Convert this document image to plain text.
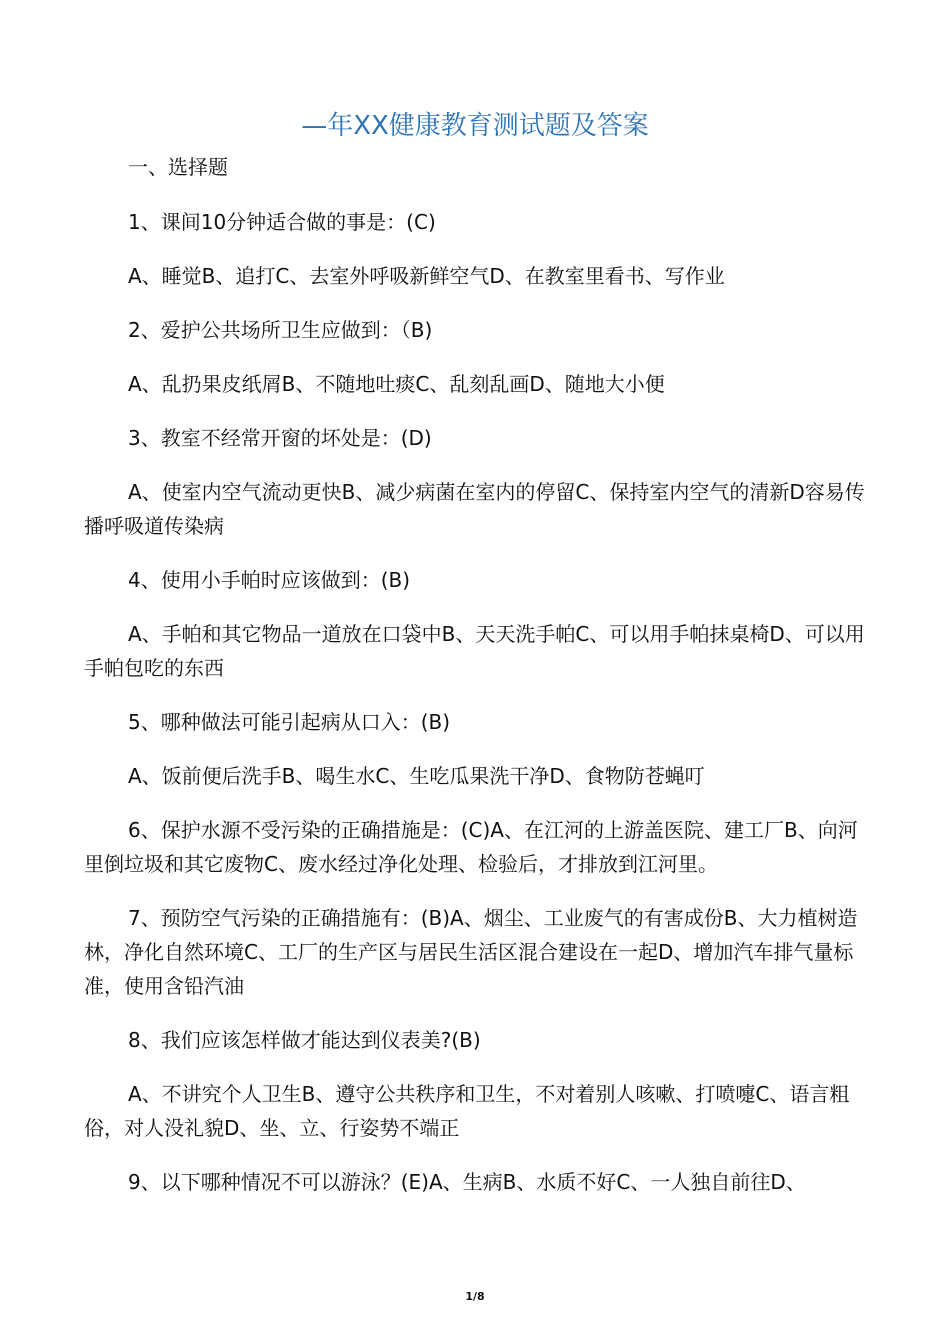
—年XX健康教育测试题及答案
一、选择题

1、课间10分钟适合做的事是：(C)

A、睡觉B、追打C、去室外呼吸新鲜空气D、在教室里看书、写作业

2、爱护公共场所卫生应做到：（B)

A、乱扔果皮纸屑B、不随地吐痰C、乱刻乱画D、随地大小便

3、教室不经常开窗的坏处是：(D)

A、使室内空气流动更快B、减少病菌在室内的停留C、保持室内空气的清新D容易传播呼吸道传染病

4、使用小手帕时应该做到：(B)

A、手帕和其它物品一道放在口袋中B、天天洗手帕C、可以用手帕抹桌椅D、可以用手帕包吃的东西

5、哪种做法可能引起病从口入：(B)

A、饭前便后洗手B、喝生水C、生吃瓜果洗干净D、食物防苍蝇叮

6、保护水源不受污染的正确措施是：(C)A、在江河的上游盖医院、建工厂B、向河里倒垃圾和其它废物C、废水经过净化处理、检验后，才排放到江河里。

7、预防空气污染的正确措施有：(B)A、烟尘、工业废气的有害成份B、大力植树造林，净化自然环境C、工厂的生产区与居民生活区混合建设在一起D、增加汽车排气量标准，使用含铅汽油

8、我们应该怎样做才能达到仪表美?(B)

A、不讲究个人卫生B、遵守公共秩序和卫生，不对着别人咳嗽、打喷嚏C、语言粗俗，对人没礼貌D、坐、立、行姿势不端正

9、以下哪种情况不可以游泳？(E)A、生病B、水质不好C、一人独自前往D、

1/8
